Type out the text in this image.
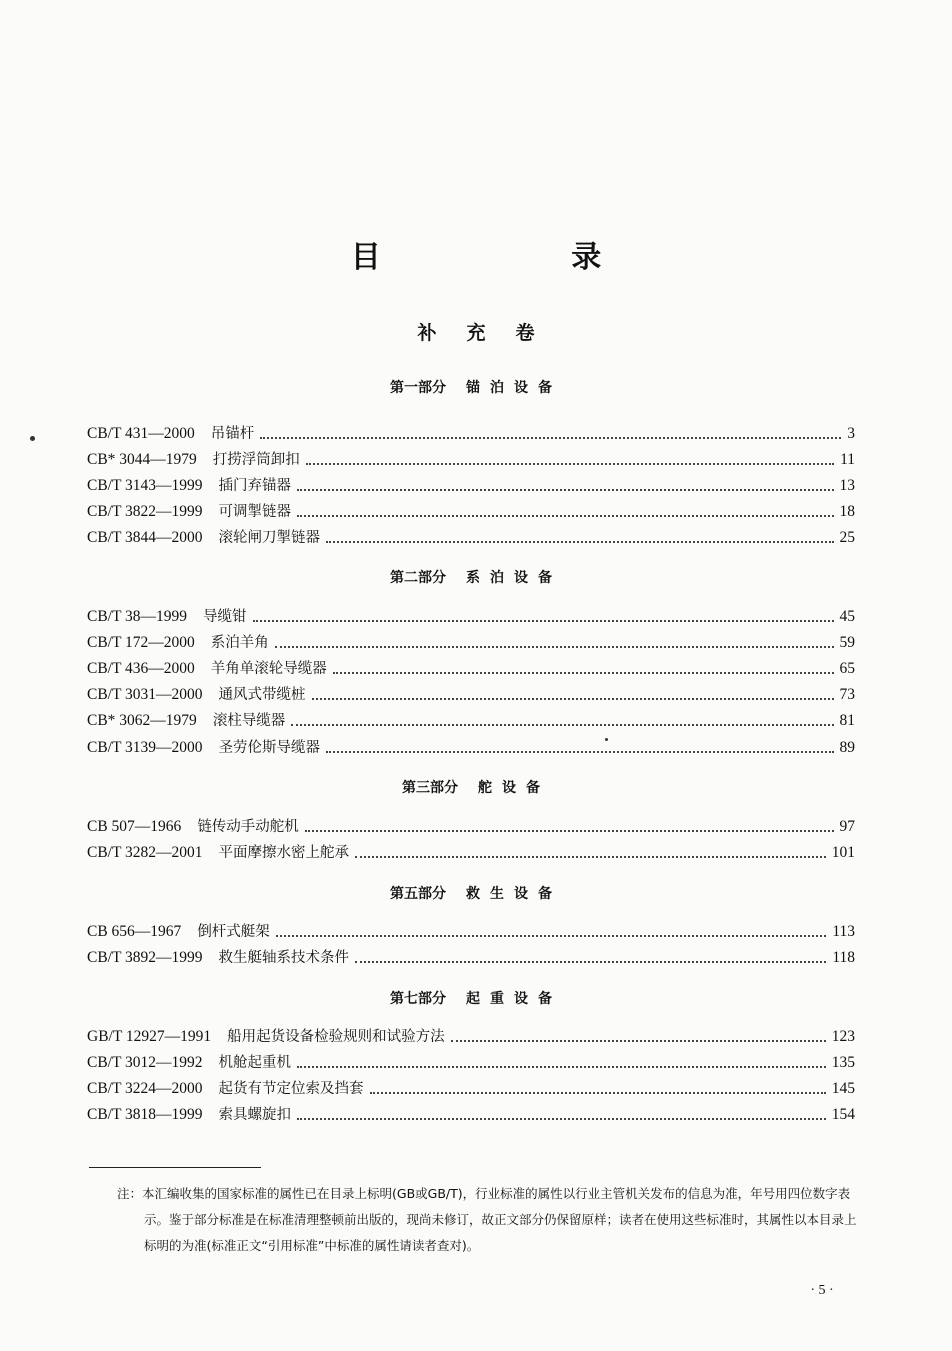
目 录
补充卷
第一部分 锚泊设备
CB/T 431—2000 吊锚杆	3
CB* 3044—1979 打捞浮筒卸扣	11
CB/T 3143—1999 插门弃锚器	13
CB/T 3822—1999 可调掣链器	18
CB/T 3844—2000 滚轮闸刀掣链器	25
第二部分 系泊设备
CB/T 38—1999 导缆钳	45
CB/T 172—2000 系泊羊角	59
CB/T 436—2000 羊角单滚轮导缆器	65
CB/T 3031—2000 通风式带缆桩	73
CB* 3062—1979 滚柱导缆器	81
CB/T 3139—2000 圣劳伦斯导缆器	89
第三部分 舵设备
CB 507—1966 链传动手动舵机	97
CB/T 3282—2001 平面摩擦水密上舵承	101
第五部分 救生设备
CB 656—1967 倒杆式艇架	113
CB/T 3892—1999 救生艇轴系技术条件	118
第七部分 起重设备
GB/T 12927—1991 船用起货设备检验规则和试验方法	123
CB/T 3012—1992 机舱起重机	135
CB/T 3224—2000 起货有节定位索及挡套	145
CB/T 3818—1999 索具螺旋扣	154
注：本汇编收集的国家标准的属性已在目录上标明(GB或GB/T)，行业标准的属性以行业主管机关发布的信息为准，年号用四位数字表示。鉴于部分标准是在标准清理整顿前出版的，现尚未修订，故正文部分仍保留原样；读者在使用这些标准时，其属性以本目录上标明的为准(标准正文“引用标准”中标准的属性请读者查对)。
· 5 ·
